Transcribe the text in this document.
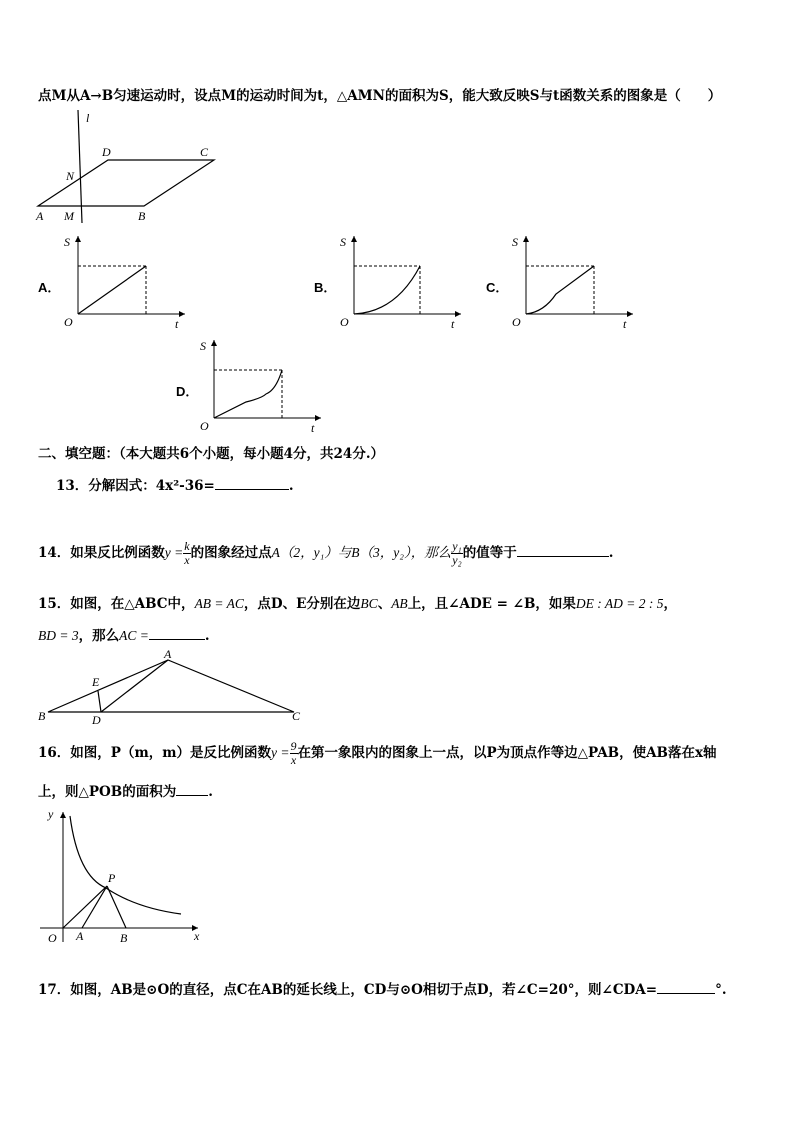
点M从A→B匀速运动时，设点M的运动时间为t，△AMN的面积为S，能大致反映S与t函数关系的图象是（　　）
l
D	C
N
A M	B
A．
S
O	t
B．
S
O	t
C．
S
O	t
D．
S
O	t
二、填空题：（本大题共6个小题，每小题4分，共24分.）
13．分解因式：4x²-36=	.
14．如果反比例函数$y = \frac{k}{x}$ 的图象经过点A（2，y₁）与B（3，y₂），那么 $\frac{\text{y₁}}{\text{y₂}}$ 的值等于	.
15．如图，在△ABC中，AB = AC，点D、E分别在边BC、AB上，且∠ADE = ∠B，如果DE : AD = 2 : 5，
BD = 3，那么AC =	.
A
E
B	D	C
16．如图，P（m，m）是反比例函数$y = \frac{9}{x}$ 在第一象限内的图象上一点，以P为顶点作等边△PAB，使AB落在x轴
上，则△POB的面积为 .
y
P
O A	B	x
17．如图，AB是⊙O的直径，点C在AB的延长线上，CD与⊙O相切于点D，若∠C=20°，则∠CDA=	°.
